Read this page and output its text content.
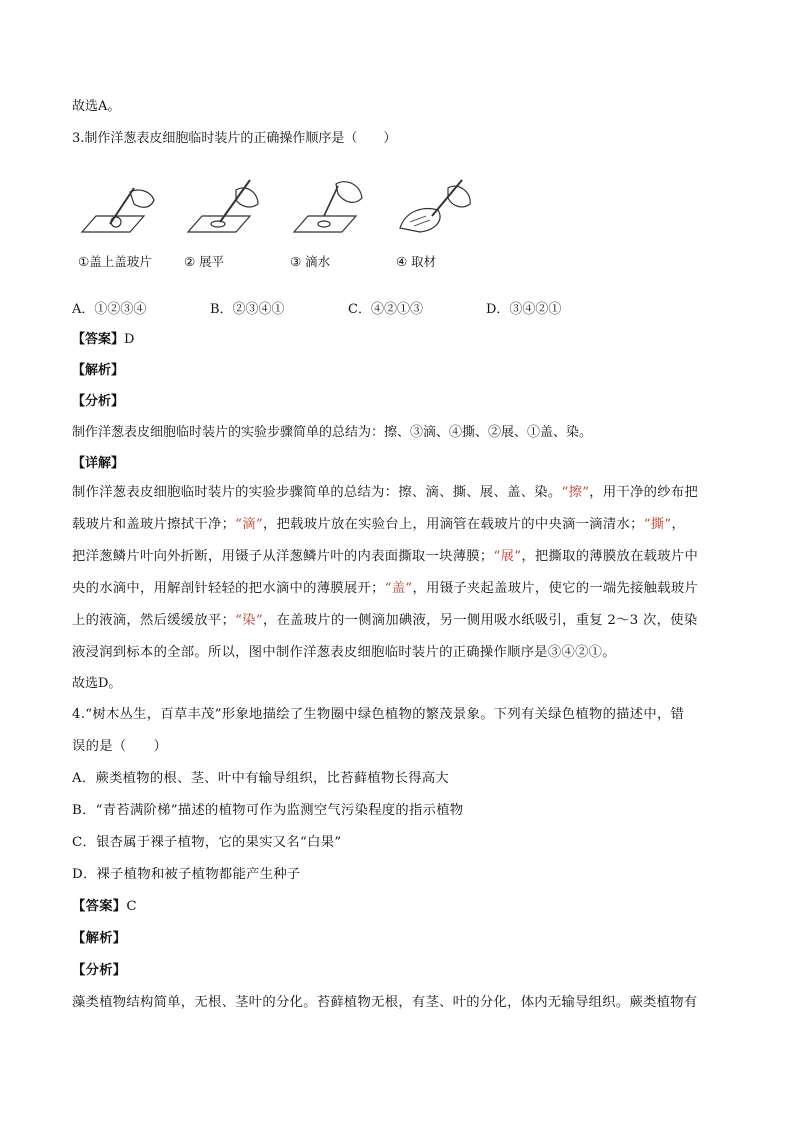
故选A。
3.制作洋葱表皮细胞临时装片的正确操作顺序是（　　）
①盖上盖玻片	② 展平	③ 滴水	④ 取材
A．①②③④	B．②③④①	C．④②①③	D．③④②①
【答案】D
【解析】
【分析】
制作洋葱表皮细胞临时装片的实验步骤简单的总结为：擦、③滴、④撕、②展、①盖、染。
【详解】
制作洋葱表皮细胞临时装片的实验步骤简单的总结为：擦、滴、撕、展、盖、染。“擦”，用干净的纱布把
载玻片和盖玻片擦拭干净；“滴”，把载玻片放在实验台上，用滴管在载玻片的中央滴一滴清水；“撕”，
把洋葱鳞片叶向外折断，用镊子从洋葱鳞片叶的内表面撕取一块薄膜；“展”，把撕取的薄膜放在载玻片中
央的水滴中，用解剖针轻轻的把水滴中的薄膜展开；“盖”，用镊子夹起盖玻片，使它的一端先接触载玻片
上的液滴，然后缓缓放平；“染”，在盖玻片的一侧滴加碘液，另一侧用吸水纸吸引，重复 2～3 次，使染
液浸润到标本的全部。所以，图中制作洋葱表皮细胞临时装片的正确操作顺序是③④②①。
故选D。
4.“树木丛生，百草丰茂”形象地描绘了生物圈中绿色植物的繁茂景象。下列有关绿色植物的描述中，错
误的是（　　）
A．蕨类植物的根、茎、叶中有输导组织，比苔藓植物长得高大
B．“青苔满阶梯”描述的植物可作为监测空气污染程度的指示植物
C．银杏属于裸子植物，它的果实又名“白果”
D．裸子植物和被子植物都能产生种子
【答案】C
【解析】
【分析】
藻类植物结构简单，无根、茎叶的分化。苔藓植物无根，有茎、叶的分化，体内无输导组织。蕨类植物有
